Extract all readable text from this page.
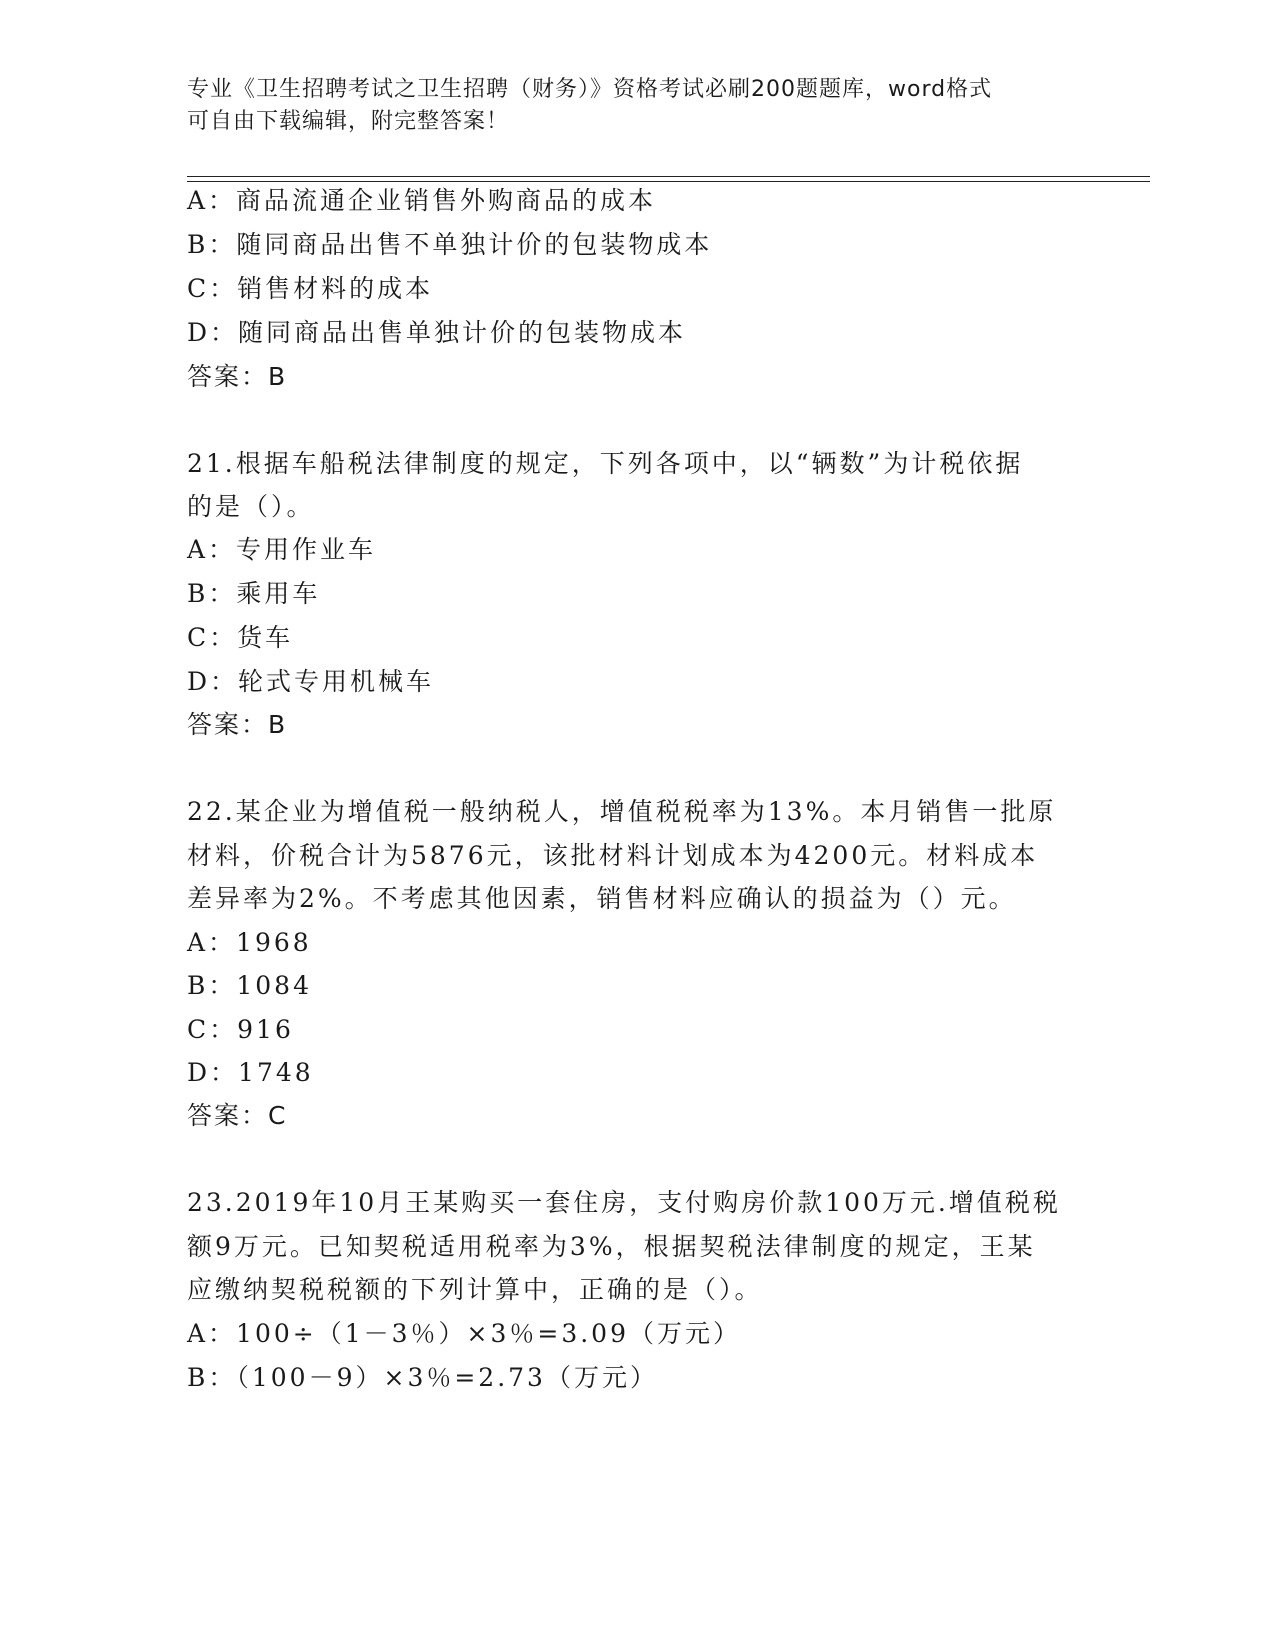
专业《卫生招聘考试之卫生招聘（财务）》资格考试必刷200题题库，word格式
可自由下载编辑，附完整答案！
A：商品流通企业销售外购商品的成本
B：随同商品出售不单独计价的包装物成本
C：销售材料的成本
D：随同商品出售单独计价的包装物成本
答案：B
21.根据车船税法律制度的规定，下列各项中，以“辆数”为计税依据
的是（）。
A：专用作业车
B：乘用车
C：货车
D：轮式专用机械车
答案：B
22.某企业为增值税一般纳税人，增值税税率为13%。本月销售一批原
材料，价税合计为5876元，该批材料计划成本为4200元。材料成本
差异率为2%。不考虑其他因素，销售材料应确认的损益为（）元。
A：1968
B：1084
C：916
D：1748
答案：C
23.2019年10月王某购买一套住房，支付购房价款100万元.增值税税
额9万元。已知契税适用税率为3%，根据契税法律制度的规定，王某
应缴纳契税税额的下列计算中，正确的是（）。
A：100÷（1－3％）×3％=3.09（万元）
B：（100－9）×3％=2.73（万元）
